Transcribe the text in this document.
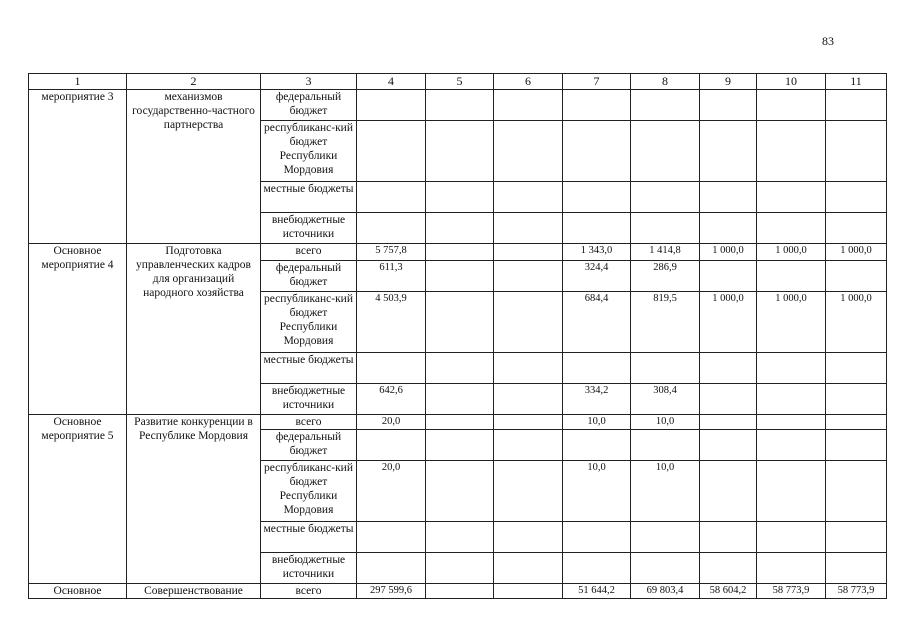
83
1	2	3	4	5	6	7	8	9	10	11
мероприятие 3	механизмов государственно-частного партнерства	федеральный бюджет								
		республиканс-кий бюджет Республики Мордовия								
		местные бюджеты								
		внебюджетные источники								
Основное мероприятие 4	Подготовка управленческих кадров для организаций народного хозяйства	всего	5 757,8			1 343,0	1 414,8	1 000,0	1 000,0	1 000,0
		федеральный бюджет	611,3			324,4	286,9			
		республиканс-кий бюджет Республики Мордовия	4 503,9			684,4	819,5	1 000,0	1 000,0	1 000,0
		местные бюджеты								
		внебюджетные источники	642,6			334,2	308,4			
Основное мероприятие 5	Развитие конкуренции в Республике Мордовия	всего	20,0			10,0	10,0			
		федеральный бюджет								
		республиканс-кий бюджет Республики Мордовия	20,0			10,0	10,0			
		местные бюджеты								
		внебюджетные источники								
Основное	Совершенствование	всего	297 599,6			51 644,2	69 803,4	58 604,2	58 773,9	58 773,9
